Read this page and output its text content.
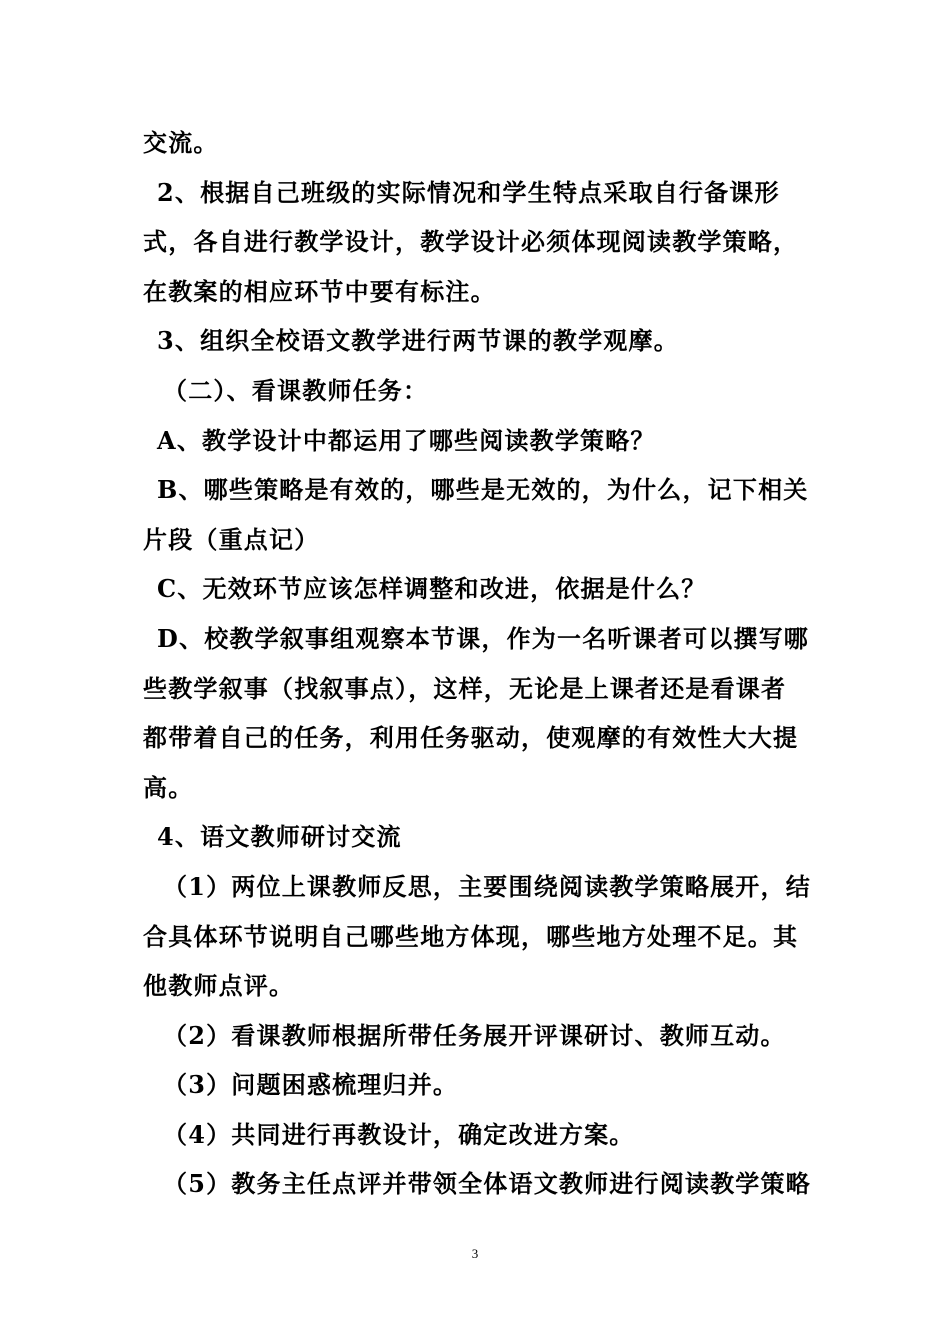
交流。
2、根据自己班级的实际情况和学生特点采取自行备课形
式，各自进行教学设计，教学设计必须体现阅读教学策略，
在教案的相应环节中要有标注。
3、组织全校语文教学进行两节课的教学观摩。
（二）、看课教师任务：
A、教学设计中都运用了哪些阅读教学策略？
B、哪些策略是有效的，哪些是无效的，为什么，记下相关
片段（重点记）
C、无效环节应该怎样调整和改进，依据是什么？
D、校教学叙事组观察本节课，作为一名听课者可以撰写哪
些教学叙事（找叙事点），这样，无论是上课者还是看课者
都带着自己的任务，利用任务驱动，使观摩的有效性大大提
高。
4、语文教师研讨交流
（1）两位上课教师反思，主要围绕阅读教学策略展开，结
合具体环节说明自己哪些地方体现，哪些地方处理不足。其
他教师点评。
（2）看课教师根据所带任务展开评课研讨、教师互动。
（3）问题困惑梳理归并。
（4）共同进行再教设计，确定改进方案。
（5）教务主任点评并带领全体语文教师进行阅读教学策略
3
